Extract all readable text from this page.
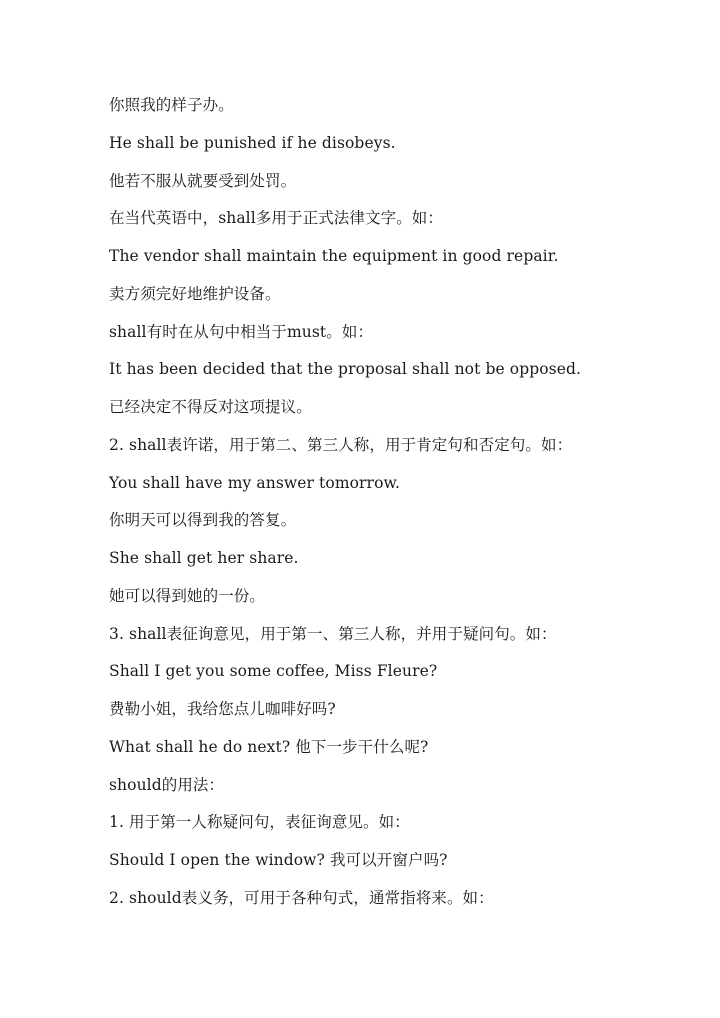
你照我的样子办。
He shall be punished if he disobeys.
他若不服从就要受到处罚。
在当代英语中，shall多用于正式法律文字。如：
The vendor shall maintain the equipment in good repair.
卖方须完好地维护设备。
shall有时在从句中相当于must。如：
It has been decided that the proposal shall not be opposed.
已经决定不得反对这项提议。
2. shall表许诺，用于第二、第三人称，用于肯定句和否定句。如：
You shall have my answer tomorrow.
你明天可以得到我的答复。
She shall get her share.
她可以得到她的一份。
3. shall表征询意见，用于第一、第三人称，并用于疑问句。如：
Shall I get you some coffee, Miss Fleure?
费勒小姐，我给您点儿咖啡好吗?
What shall he do next? 他下一步干什么呢?
should的用法：
1. 用于第一人称疑问句，表征询意见。如：
Should I open the window? 我可以开窗户吗?
2. should表义务，可用于各种句式，通常指将来。如：
